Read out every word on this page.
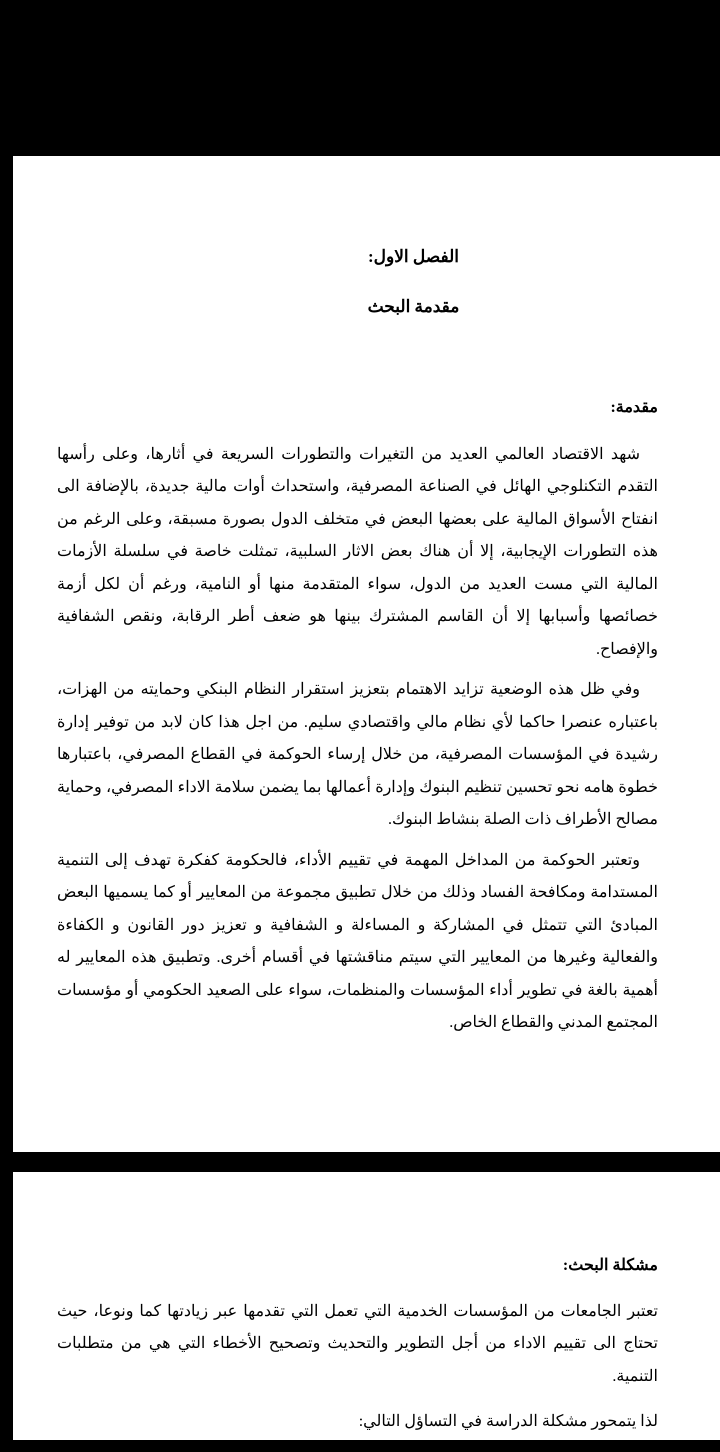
الفصل الاول:
مقدمة البحث
مقدمة:

شهد الاقتصاد العالمي العديد من التغيرات والتطورات السريعة في أثارها، وعلى رأسها التقدم التكنلوجي الهائل في الصناعة المصرفية، واستحداث أوات مالية جديدة، بالإضافة الى انفتاح الأسواق المالية على بعضها البعض في متخلف الدول بصورة مسبقة، وعلى الرغم من هذه التطورات الإيجابية، إلا أن هناك بعض الاثار السلبية، تمثلت خاصة في سلسلة الأزمات المالية التي مست العديد من الدول، سواء المتقدمة منها أو النامية، ورغم أن لكل أزمة خصائصها وأسبابها إلا أن القاسم المشترك بينها هو ضعف أطر الرقابة، ونقص الشفافية والإفصاح.

وفي ظل هذه الوضعية تزايد الاهتمام بتعزيز استقرار النظام البنكي وحمايته من الهزات، باعتباره عنصرا حاكما لأي نظام مالي واقتصادي سليم. من اجل هذا كان لابد من توفير إدارة رشيدة في المؤسسات المصرفية، من خلال إرساء الحوكمة في القطاع المصرفي، باعتبارها خطوة هامه نحو تحسين تنظيم البنوك وإدارة أعمالها بما يضمن سلامة الاداء المصرفي، وحماية مصالح الأطراف ذات الصلة بنشاط البنوك.

وتعتبر الحوكمة من المداخل المهمة في تقييم الأداء، فالحكومة كفكرة تهدف إلى التنمية المستدامة ومكافحة الفساد وذلك من خلال تطبيق مجموعة من المعايير أو كما يسميها البعض المبادئ التي تتمثل في المشاركة و المساءلة و الشفافية و تعزيز دور القانون و الكفاءة والفعالية وغيرها من المعايير التي سيتم مناقشتها في أقسام أخرى. وتطبيق هذه المعايير له أهمية بالغة في تطوير أداء المؤسسات والمنظمات، سواء على الصعيد الحكومي أو مؤسسات المجتمع المدني والقطاع الخاص.

مشكلة البحث:

تعتبر الجامعات من المؤسسات الخدمية التي تعمل التي تقدمها عبر زيادتها كما ونوعا، حيث تحتاج الى تقييم الاداء من أجل التطوير والتحديث وتصحيح الأخطاء التي هي من متطلبات التنمية.

لذا يتمحور مشكلة الدراسة في التساؤل التالي:
